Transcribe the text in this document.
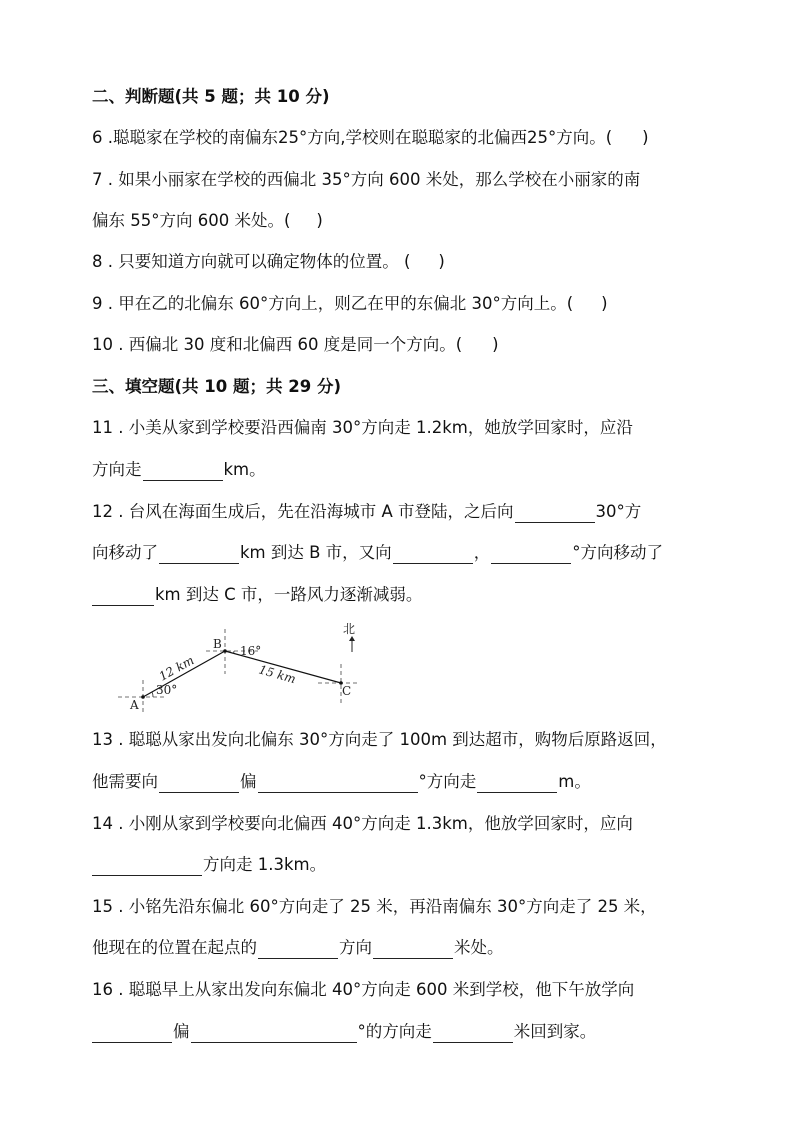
二、判断题(共 5 题；共 10 分)
6 .聪聪家在学校的南偏东25°方向,学校则在聪聪家的北偏西25°方向。( )
7 . 如果小丽家在学校的西偏北 35°方向 600 米处，那么学校在小丽家的南
偏东 55°方向 600 米处。( )
8 . 只要知道方向就可以确定物体的位置。 ( )
9 . 甲在乙的北偏东 60°方向上，则乙在甲的东偏北 30°方向上。( )
10 . 西偏北 30 度和北偏西 60 度是同一个方向。( )
三、填空题(共 10 题；共 29 分)
11 . 小美从家到学校要沿西偏南 30°方向走 1.2km，她放学回家时，应沿
方向走	km。
12 . 台风在海面生成后，先在沿海城市 A 市登陆，之后向	30°方
向移动了	km 到达 B 市，又向	，	°方向移动了
km 到达 C 市，一路风力逐渐减弱。
A
B
C
12 km	15 km
30°
16°
北
13 . 聪聪从家出发向北偏东 30°方向走了 100m 到达超市，购物后原路返回，
他需要向	偏	°方向走	m。
14 . 小刚从家到学校要向北偏西 40°方向走 1.3km，他放学回家时，应向
方向走 1.3km。
15 . 小铭先沿东偏北 60°方向走了 25 米，再沿南偏东 30°方向走了 25 米，
他现在的位置在起点的	方向	米处。
16 . 聪聪早上从家出发向东偏北 40°方向走 600 米到学校，他下午放学向
偏	°的方向走	米回到家。
